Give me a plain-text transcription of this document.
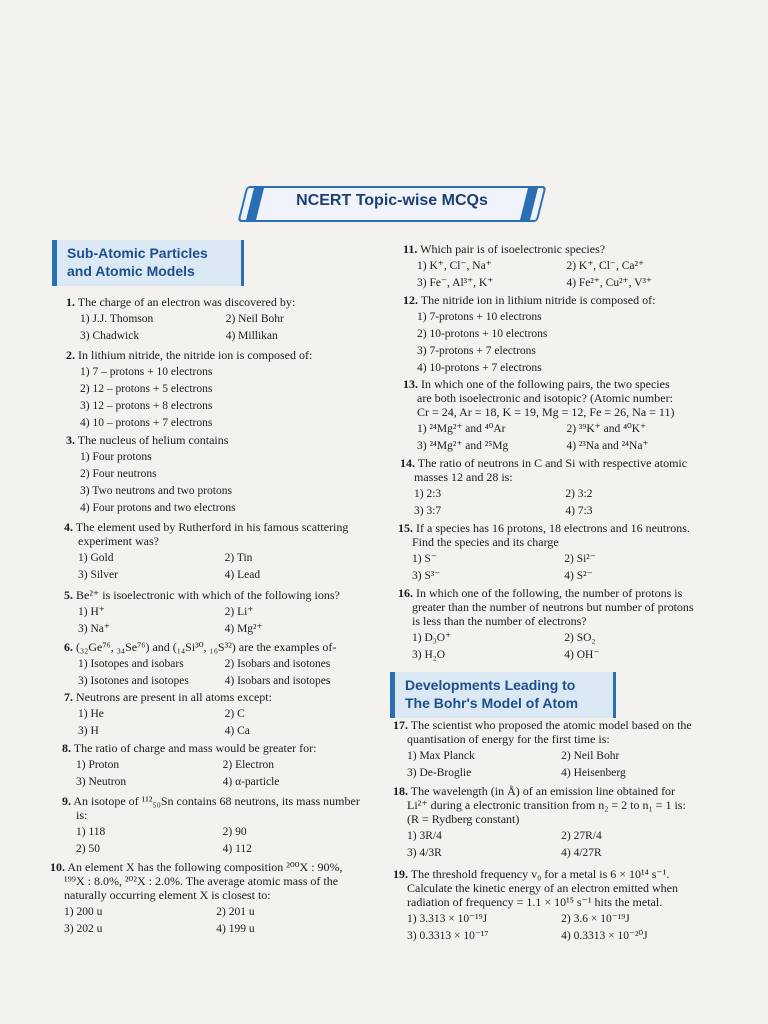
NCERT Topic-wise MCQs
Sub-Atomic Particles
and Atomic Models
Developments Leading to
The Bohr's Model of Atom
1. The charge of an electron was discovered by:
1) J.J. Thomson	2) Neil Bohr
3) Chadwick	4) Millikan
2. In lithium nitride, the nitride ion is composed of:
1) 7 – protons + 10 electrons
2) 12 – protons + 5 electrons
3) 12 – protons + 8 electrons
4) 10 – protons + 7 electrons
3. The nucleus of helium contains
1) Four protons
2) Four neutrons
3) Two neutrons and two protons
4) Four protons and two electrons
4. The element used by Rutherford in his famous scattering
experiment was?
1) Gold	2) Tin
3) Silver	4) Lead
5. Be²⁺ is isoelectronic with which of the following ions?
1) H⁺	2) Li⁺
3) Na⁺	4) Mg²⁺
6. (₃₂Ge⁷⁶, ₃₄Se⁷⁶) and (₁₄Si³⁰, ₁₆S³²) are the examples of-
1) Isotopes and isobars	2) Isobars and isotones
3) Isotones and isotopes	4) Isobars and isotopes
7. Neutrons are present in all atoms except:
1) He	2) C
3) H	4) Ca
8. The ratio of charge and mass would be greater for:
1) Proton	2) Electron
3) Neutron	4) α-particle
9. An isotope of ¹¹²₅₀Sn contains 68 neutrons, its mass number
is:
1) 118	2) 90
2) 50	4) 112
10. An element X has the following composition ²⁰⁰X : 90%,
¹⁹⁹X : 8.0%, ²⁰²X : 2.0%. The average atomic mass of the
naturally occurring element X is closest to:
1) 200 u	2) 201 u
3) 202 u	4) 199 u
11. Which pair is of isoelectronic species?
1) K⁺, Cl⁻, Na⁺	2) K⁺, Cl⁻, Ca²⁺
3) Fe⁻, Al³⁺, K⁺	4) Fe²⁺, Cu²⁺, V³⁺
12. The nitride ion in lithium nitride is composed of:
1) 7-protons + 10 electrons
2) 10-protons + 10 electrons
3) 7-protons + 7 electrons
4) 10-protons + 7 electrons
13. In which one of the following pairs, the two species
are both isoelectronic and isotopic? (Atomic number:
Cr = 24, Ar = 18, K = 19, Mg = 12, Fe = 26, Na = 11)
1) ²⁴Mg²⁺ and ⁴⁰Ar	2) ³⁹K⁺ and ⁴⁰K⁺
3) ²⁴Mg²⁺ and ²⁵Mg	4) ²³Na and ²⁴Na⁺
14. The ratio of neutrons in C and Si with respective atomic
masses 12 and 28 is:
1) 2:3	2) 3:2
3) 3:7	4) 7:3
15. If a species has 16 protons, 18 electrons and 16 neutrons.
Find the species and its charge
1) S⁻	2) Si²⁻
3) S³⁻	4) S²⁻
16. In which one of the following, the number of protons is
greater than the number of neutrons but number of protons
is less than the number of electrons?
1) D₃O⁺	2) SO₂
3) H₂O	4) OH⁻
17. The scientist who proposed the atomic model based on the
quantisation of energy for the first time is:
1) Max Planck	2) Neil Bohr
3) De-Broglie	4) Heisenberg
18. The wavelength (in Å) of an emission line obtained for
Li²⁺ during a electronic transition from n₂ = 2 to n₁ = 1 is:
(R = Rydberg constant)
1) 3R/4	2) 27R/4
3) 4/3R	4) 4/27R
19. The threshold frequency v₀ for a metal is 6 × 10¹⁴ s⁻¹.
Calculate the kinetic energy of an electron emitted when
radiation of frequency = 1.1 × 10¹⁵ s⁻¹ hits the metal.
1) 3.313 × 10⁻¹⁹J	2) 3.6 × 10⁻¹⁹J
3) 0.3313 × 10⁻¹⁷	4) 0.3313 × 10⁻²⁰J
